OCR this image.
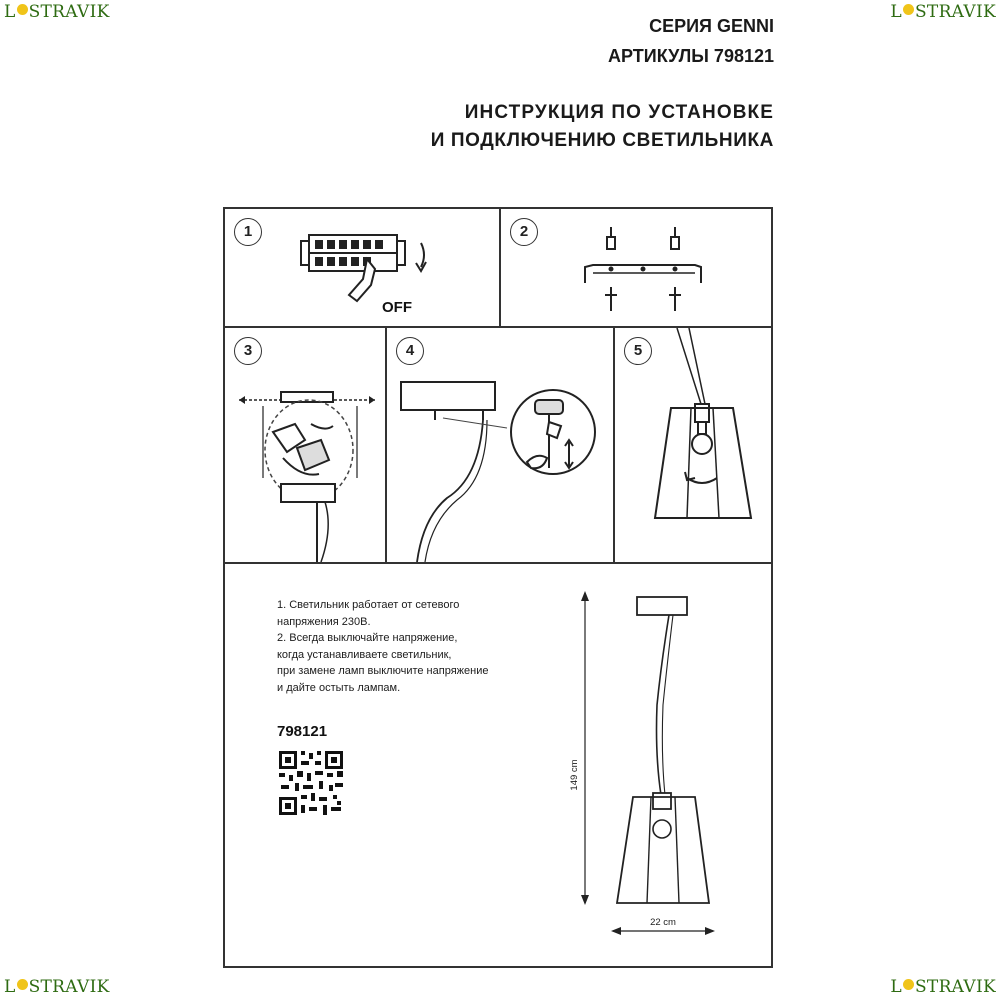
L STRAVIK	L STRAVIK
L STRAVIK	L STRAVIK
СЕРИЯ GENNI
АРТИКУЛЫ 798121
ИНСТРУКЦИЯ ПО УСТАНОВКЕ
И ПОДКЛЮЧЕНИЮ СВЕТИЛЬНИКА
1
OFF
2
3	4	5
1. Светильник работает от сетевого
напряжения 230В.
2. Всегда выключайте напряжение,
когда устанавливаете светильник,
при замене ламп выключите напряжение
и дайте остыть лампам.
798121
149 cm
22 cm
